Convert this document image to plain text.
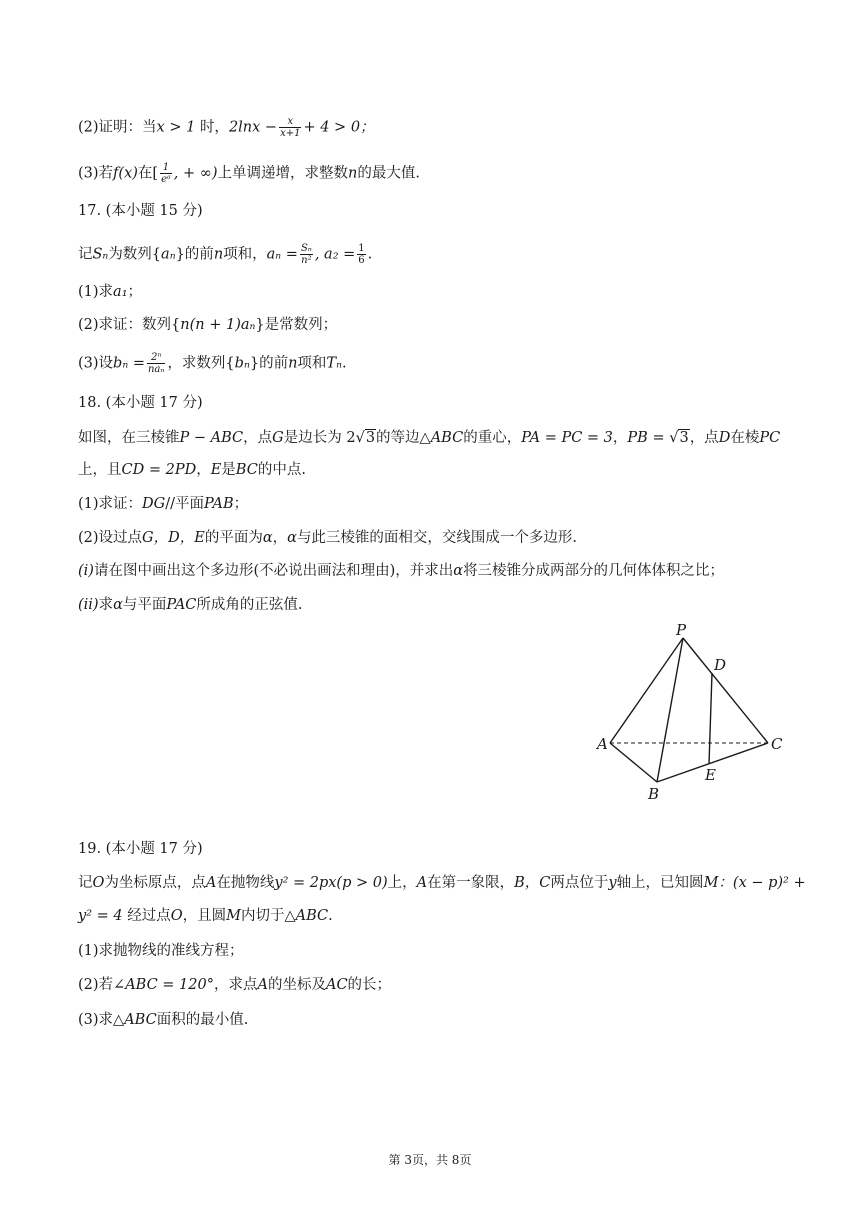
(2)证明：当x > 1 时，$2\ln x - \frac{x}{x+1} + 4 > 0$；
(3)若f(x)在[ $\frac{1}{\text{eᵃ}}$ , + ∞)上单调递增，求整数n的最大值.
17. (本小题 15 分)
记Sₙ为数列{aₙ}的前n项和，$a_n = \frac{\text{Sₙ}}{\text{n²}}$ , $a_2 = \frac{1}{6}$ .
(1)求a₁；
(2)求证：数列{n(n + 1)aₙ}是常数列；
(3)设$b_n = \frac{\text{2ⁿ}}{\text{naₙ}}$ ，求数列{bₙ}的前n项和Tₙ.
18. (本小题 17 分)
如图，在三棱锥P − ABC，点G是边长为 2√3的等边△ABC的重心，PA = PC = 3，PB = √3，点D在棱PC
上，且CD = 2PD，E是BC的中点.
(1)求证：DG//平面PAB；
(2)设过点G，D，E的平面为α，α与此三棱锥的面相交，交线围成一个多边形.
(i)请在图中画出这个多边形(不必说出画法和理由)，并求出α将三棱锥分成两部分的几何体体积之比；
(ii)求α与平面PAC所成角的正弦值.
P
D
A	C
E
B
19. (本小题 17 分)
记O为坐标原点，点A在抛物线y² = 2px(p > 0)上，A在第一象限，B，C两点位于y轴上，已知圆M：(x − p)² +
y² = 4 经过点O，且圆M内切于△ABC.
(1)求抛物线的准线方程；
(2)若∠ABC = 120°，求点A的坐标及AC的长；
(3)求△ABC面积的最小值.
第 3页，共 8页
